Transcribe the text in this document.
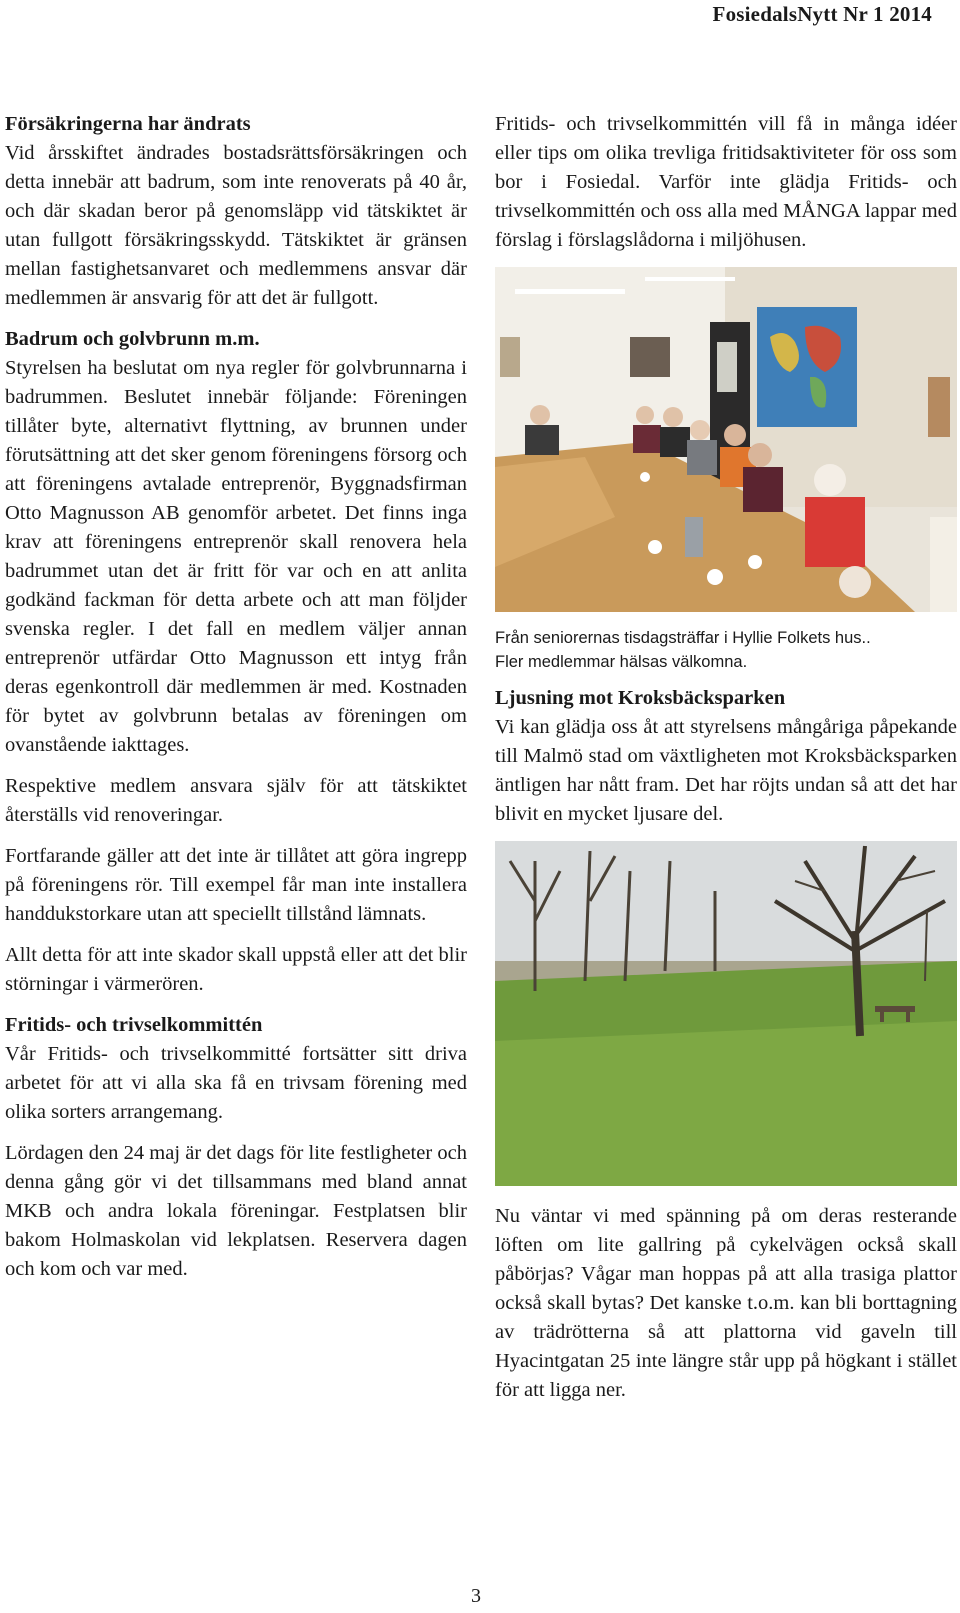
FosiedalsNytt Nr 1 2014
Försäkringerna har ändrats

Vid årsskiftet ändrades bostadsrättsförsäkringen och detta innebär att badrum, som inte renoverats på 40 år, och där skadan beror på genomsläpp vid tätskiktet är utan fullgott försäkringsskydd. Tätskiktet är gränsen mellan fastighetsanvaret och medlemmens ansvar där medlemmen är ansvarig för att det är fullgott.

Badrum och golvbrunn m.m.

Styrelsen ha beslutat om nya regler för golvbrunnarna i badrummen. Beslutet innebär följande: Föreningen tillåter byte, alternativt flyttning, av brunnen under förutsättning att det sker genom föreningens försorg och att föreningens avtalade entreprenör, Byggnadsfirman Otto Magnusson AB genomför arbetet. Det finns inga krav att föreningens entreprenör skall renovera hela badrummet utan det är fritt för var och en att anlita godkänd fackman för detta arbete och att man följder svenska regler. I det fall en medlem väljer annan entreprenör utfärdar Otto Magnusson ett intyg från deras egenkontroll där medlemmen är med. Kostnaden för bytet av golvbrunn betalas av föreningen om ovanstående iakttages.

Respektive medlem ansvara själv för att tätskiktet återställs vid renoveringar.

Fortfarande gäller att det inte är tillåtet att göra ingrepp på föreningens rör. Till exempel får man inte installera handdukstorkare utan att speciellt tillstånd lämnats.

Allt detta för att inte skador skall uppstå eller att det blir störningar i värmerören.

Fritids- och trivselkommittén

Vår Fritids- och trivselkommitté fortsätter sitt driva arbetet för att vi alla ska få en trivsam förening med olika sorters arrangemang.

Lördagen den 24 maj är det dags för lite festligheter och denna gång gör vi det tillsammans med bland annat MKB och andra lokala föreningar. Festplatsen blir bakom Holmaskolan vid lekplatsen. Reservera dagen och kom och var med.

Fritids- och trivselkommittén vill få in många idéer eller tips om olika trevliga fritidsaktiviteter för oss som bor i Fosiedal. Varför inte glädja Fritids- och trivselkommittén och oss alla med MÅNGA lappar med förslag i förslagslådorna i miljöhusen.

Från seniorernas tisdagsträffar i Hyllie Folkets hus..
Fler medlemmar hälsas välkomna.
Ljusning mot Kroksbäcksparken

Vi kan glädja oss åt att styrelsens mångåriga påpekande till Malmö stad om växtligheten mot Kroksbäcksparken äntligen har nått fram. Det har röjts undan så att det har blivit en mycket ljusare del.

Nu väntar vi med spänning på om deras resterande löften om lite gallring på cykelvägen också skall påbörjas? Vågar man hoppas på att alla trasiga plattor också skall bytas? Det kanske t.o.m. kan bli borttagning av trädrötterna så att plattorna vid gaveln till Hyacintgatan 25 inte längre står upp på högkant i stället för att ligga ner.

3
